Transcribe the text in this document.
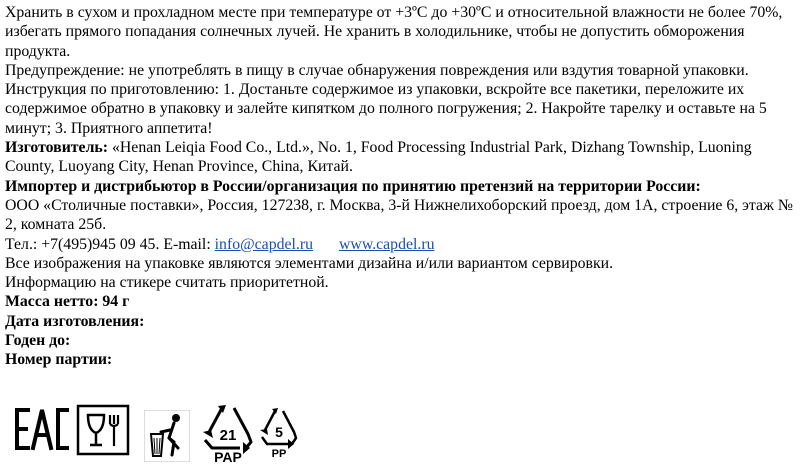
Хранить в сухом и прохладном месте при температуре от +3ºС до +30ºС и относительной влажности не более 70%, избегать прямого попадания солнечных лучей. Не хранить в холодильнике, чтобы не допустить обморожения продукта.

Предупреждение: не употреблять в пищу в случае обнаружения повреждения или вздутия товарной упаковки.

Инструкция по приготовлению: 1. Достаньте содержимое из упаковки, вскройте все пакетики, переложите их содержимое обратно в упаковку и залейте кипятком до полного погружения; 2. Накройте тарелку и оставьте на 5 минут; 3. Приятного аппетита!

Изготовитель: «Henan Leiqia Food Co., Ltd.», No. 1, Food Processing Industrial Park, Dizhang Township, Luoning County, Luoyang City, Henan Province, China, Китай.

Импортер и дистрибьютор в России/организация по принятию претензий на территории России:

ООО «Столичные поставки», Россия, 127238, г. Москва, 3-й Нижнелихоборский проезд, дом 1А, строение 6, этаж № 2, комната 25б.

Тел.: +7(495)945 09 45. E-mail: info@capdel.ru www.capdel.ru

Все изображения на упаковке являются элементами дизайна и/или вариантом сервировки.

Информацию на стикере считать приоритетной.

Масса нетто: 94 г

Дата изготовления:

Годен до:

Номер партии:

21
PAP
5
PP
